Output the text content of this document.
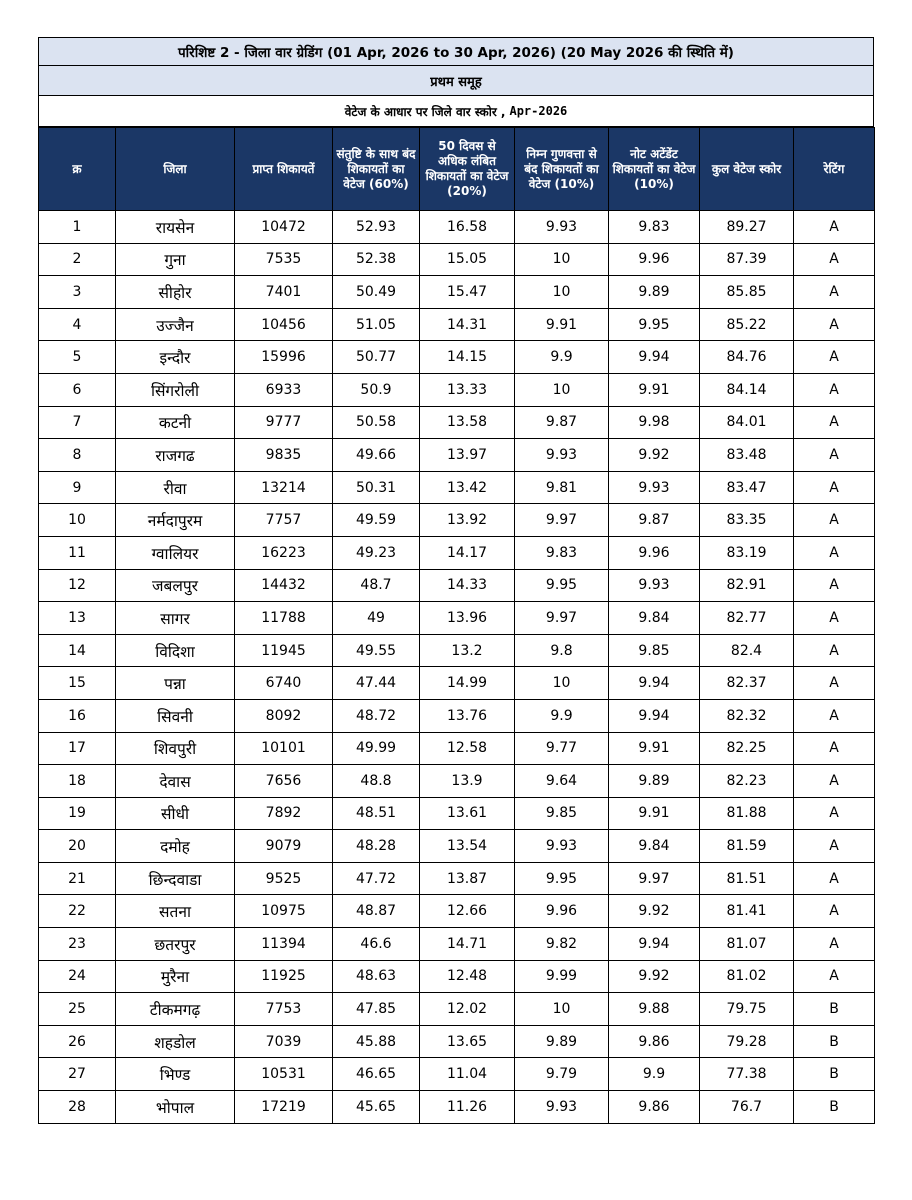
परिशिष्ट 2 - जिला वार ग्रेडिंग (01 Apr, 2026 to 30 Apr, 2026) (20 May 2026 की स्थिति में)
प्रथम समूह
वेटेज के आधार पर जिले वार स्कोर , Apr-2026
क्र	जिला	प्राप्त शिकायतें	संतुष्टि के साथ बंद शिकायतों का वेटेज (60%)	50 दिवस से अधिक लंबित शिकायतों का वेटेज (20%)	निम्न गुणवत्ता से बंद शिकायतों का वेटेज (10%)	नोट अटेंडेंट शिकायतों का वेटेज (10%)	कुल वेटेज स्कोर	रेटिंग
1	रायसेन	10472	52.93	16.58	9.93	9.83	89.27	A
2	गुना	7535	52.38	15.05	10	9.96	87.39	A
3	सीहोर	7401	50.49	15.47	10	9.89	85.85	A
4	उज्जैन	10456	51.05	14.31	9.91	9.95	85.22	A
5	इन्दौर	15996	50.77	14.15	9.9	9.94	84.76	A
6	सिंगरोली	6933	50.9	13.33	10	9.91	84.14	A
7	कटनी	9777	50.58	13.58	9.87	9.98	84.01	A
8	राजगढ	9835	49.66	13.97	9.93	9.92	83.48	A
9	रीवा	13214	50.31	13.42	9.81	9.93	83.47	A
10	नर्मदापुरम	7757	49.59	13.92	9.97	9.87	83.35	A
11	ग्वालियर	16223	49.23	14.17	9.83	9.96	83.19	A
12	जबलपुर	14432	48.7	14.33	9.95	9.93	82.91	A
13	सागर	11788	49	13.96	9.97	9.84	82.77	A
14	विदिशा	11945	49.55	13.2	9.8	9.85	82.4	A
15	पन्ना	6740	47.44	14.99	10	9.94	82.37	A
16	सिवनी	8092	48.72	13.76	9.9	9.94	82.32	A
17	शिवपुरी	10101	49.99	12.58	9.77	9.91	82.25	A
18	देवास	7656	48.8	13.9	9.64	9.89	82.23	A
19	सीधी	7892	48.51	13.61	9.85	9.91	81.88	A
20	दमोह	9079	48.28	13.54	9.93	9.84	81.59	A
21	छिन्दवाडा	9525	47.72	13.87	9.95	9.97	81.51	A
22	सतना	10975	48.87	12.66	9.96	9.92	81.41	A
23	छतरपुर	11394	46.6	14.71	9.82	9.94	81.07	A
24	मुरैना	11925	48.63	12.48	9.99	9.92	81.02	A
25	टीकमगढ़	7753	47.85	12.02	10	9.88	79.75	B
26	शहडोल	7039	45.88	13.65	9.89	9.86	79.28	B
27	भिण्ड	10531	46.65	11.04	9.79	9.9	77.38	B
28	भोपाल	17219	45.65	11.26	9.93	9.86	76.7	B
